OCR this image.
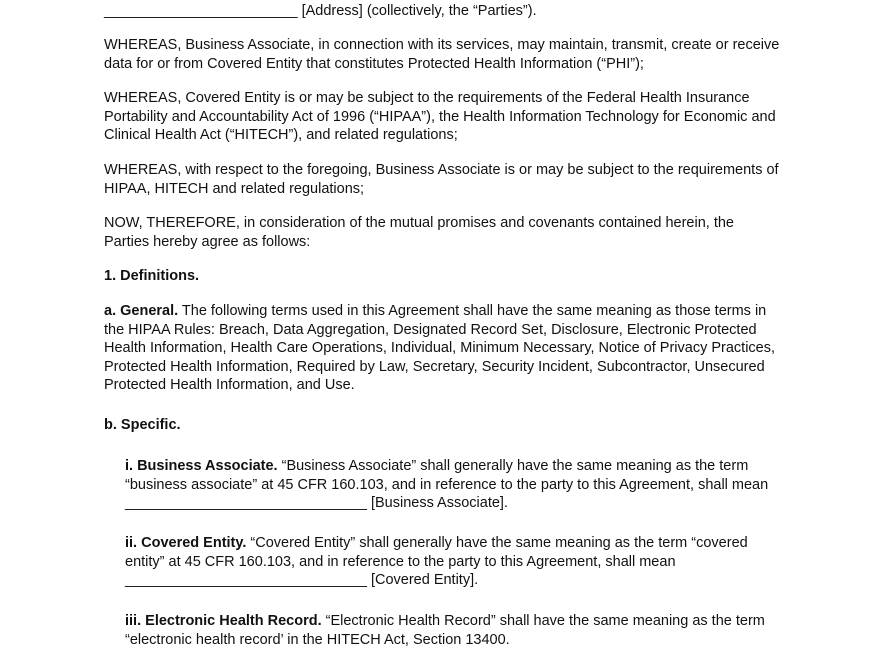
________________________ [Address] (collectively, the “Parties”).

WHEREAS, Business Associate, in connection with its services, may maintain, transmit, create or receive
data for or from Covered Entity that constitutes Protected Health Information (“PHI”);

WHEREAS, Covered Entity is or may be subject to the requirements of the Federal Health Insurance
Portability and Accountability Act of 1996 (“HIPAA”), the Health Information Technology for Economic and
Clinical Health Act (“HITECH”), and related regulations;

WHEREAS, with respect to the foregoing, Business Associate is or may be subject to the requirements of
HIPAA, HITECH and related regulations;

NOW, THEREFORE, in consideration of the mutual promises and covenants contained herein, the
Parties hereby agree as follows:

1. Definitions.

a. General. The following terms used in this Agreement shall have the same meaning as those terms in
the HIPAA Rules: Breach, Data Aggregation, Designated Record Set, Disclosure, Electronic Protected
Health Information, Health Care Operations, Individual, Minimum Necessary, Notice of Privacy Practices,
Protected Health Information, Required by Law, Secretary, Security Incident, Subcontractor, Unsecured
Protected Health Information, and Use.

b. Specific.

i. Business Associate. “Business Associate” shall generally have the same meaning as the term
“business associate” at 45 CFR 160.103, and in reference to the party to this Agreement, shall mean
______________________________ [Business Associate].

ii. Covered Entity. “Covered Entity” shall generally have the same meaning as the term “covered
entity” at 45 CFR 160.103, and in reference to the party to this Agreement, shall mean
______________________________ [Covered Entity].

iii. Electronic Health Record. “Electronic Health Record” shall have the same meaning as the term
“electronic health record’ in the HITECH Act, Section 13400.
